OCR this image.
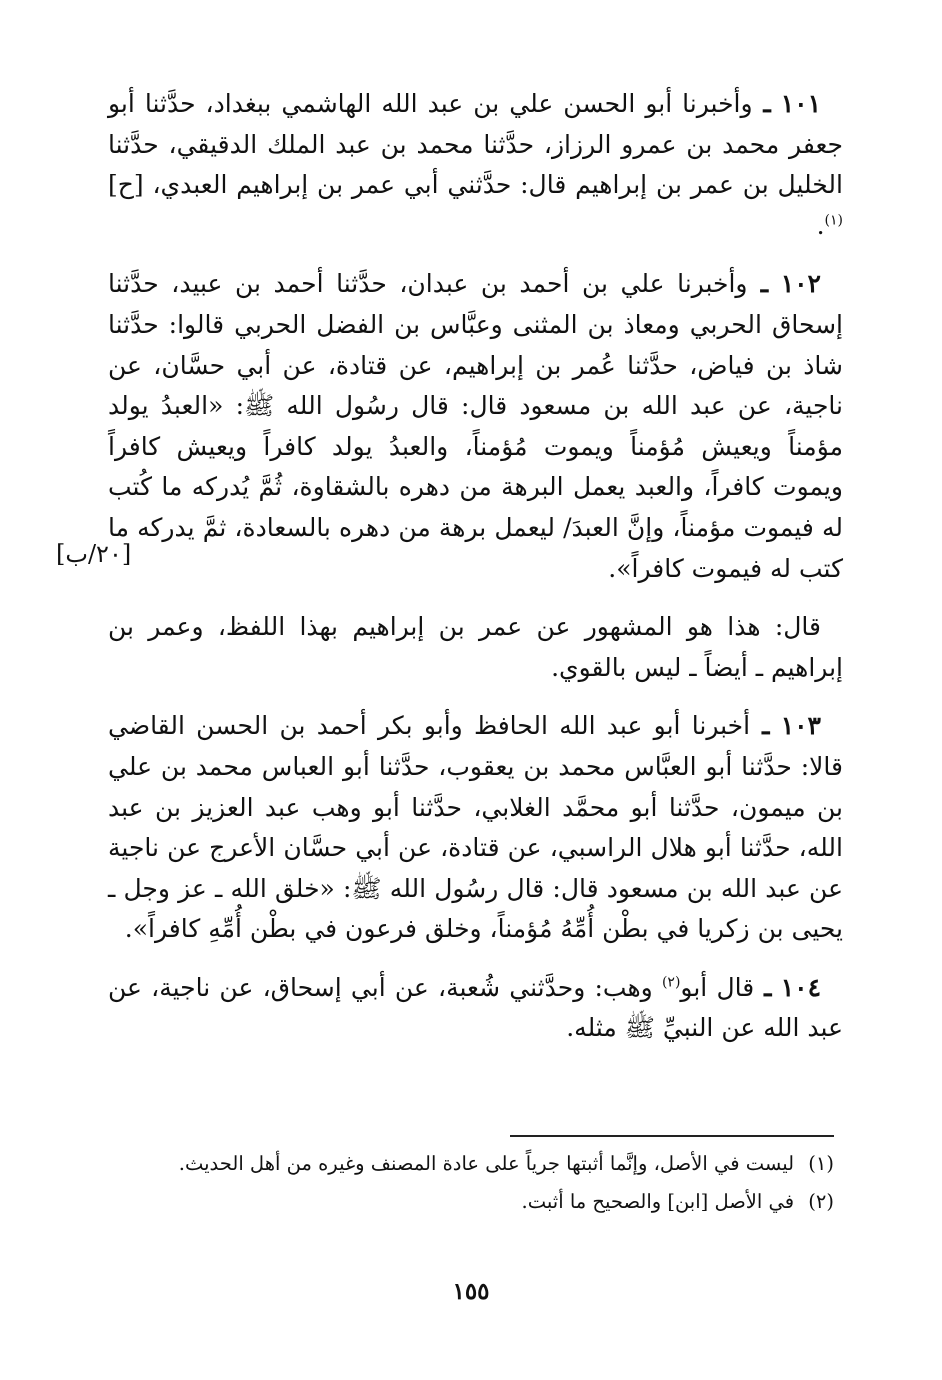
١٠١ ـ وأخبرنا أبو الحسن علي بن عبد الله الهاشمي ببغداد، حدَّثنا أبو جعفر محمد بن عمرو الرزاز، حدَّثنا محمد بن عبد الملك الدقيقي، حدَّثنا الخليل بن عمر بن إبراهيم قال: حدَّثني أبي عمر بن إبراهيم العبدي، [ح]$^{(١)}$.

١٠٢ ـ وأخبرنا علي بن أحمد بن عبدان، حدَّثنا أحمد بن عبيد، حدَّثنا إسحاق الحربي ومعاذ بن المثنى وعبَّاس بن الفضل الحربي قالوا: حدَّثنا شاذ بن فياض، حدَّثنا عُمر بن إبراهيم، عن قتادة، عن أبي حسَّان، عن ناجية، عن عبد الله بن مسعود قال: قال رسُول الله ﷺ: «العبدُ يولد مؤمناً ويعيش مُؤمناً ويموت مُؤمناً، والعبدُ يولد كافراً ويعيش كافراً ويموت كافراً، والعبد يعمل البرهة من دهره بالشقاوة، ثُمَّ يُدركه ما كُتب له فيموت مؤمناً، وإنَّ العبدَ/ ليعمل برهة من دهره بالسعادة، ثمَّ يدركه ما كتب له فيموت كافراً».

قال: هذا هو المشهور عن عمر بن إبراهيم بهذا اللفظ، وعمر بن إبراهيم ـ أيضاً ـ ليس بالقوي.

١٠٣ ـ أخبرنا أبو عبد الله الحافظ وأبو بكر أحمد بن الحسن القاضي قالا: حدَّثنا أبو العبَّاس محمد بن يعقوب، حدَّثنا أبو العباس محمد بن علي بن ميمون، حدَّثنا أبو محمَّد الغلابي، حدَّثنا أبو وهب عبد العزيز بن عبد الله، حدَّثنا أبو هلال الراسبي، عن قتادة، عن أبي حسَّان الأعرج عن ناجية عن عبد الله بن مسعود قال: قال رسُول الله ﷺ: «خلق الله ـ عز وجل ـ يحيى بن زكريا في بطْن أُمِّهُ مُؤمناً، وخلق فرعون في بطْن أُمِّهِ كافراً».

١٠٤ ـ قال أبو$^{(٢)}$ وهب: وحدَّثني شُعبة، عن أبي إسحاق، عن ناجية، عن عبد الله عن النبيِّ ﷺ مثله.

[٢٠/ب]

(١) ليست في الأصل، وإنَّما أثبتها جرياً على عادة المصنف وغيره من أهل الحديث.

(٢) في الأصل [ابن] والصحيح ما أثبت.

١٥٥
